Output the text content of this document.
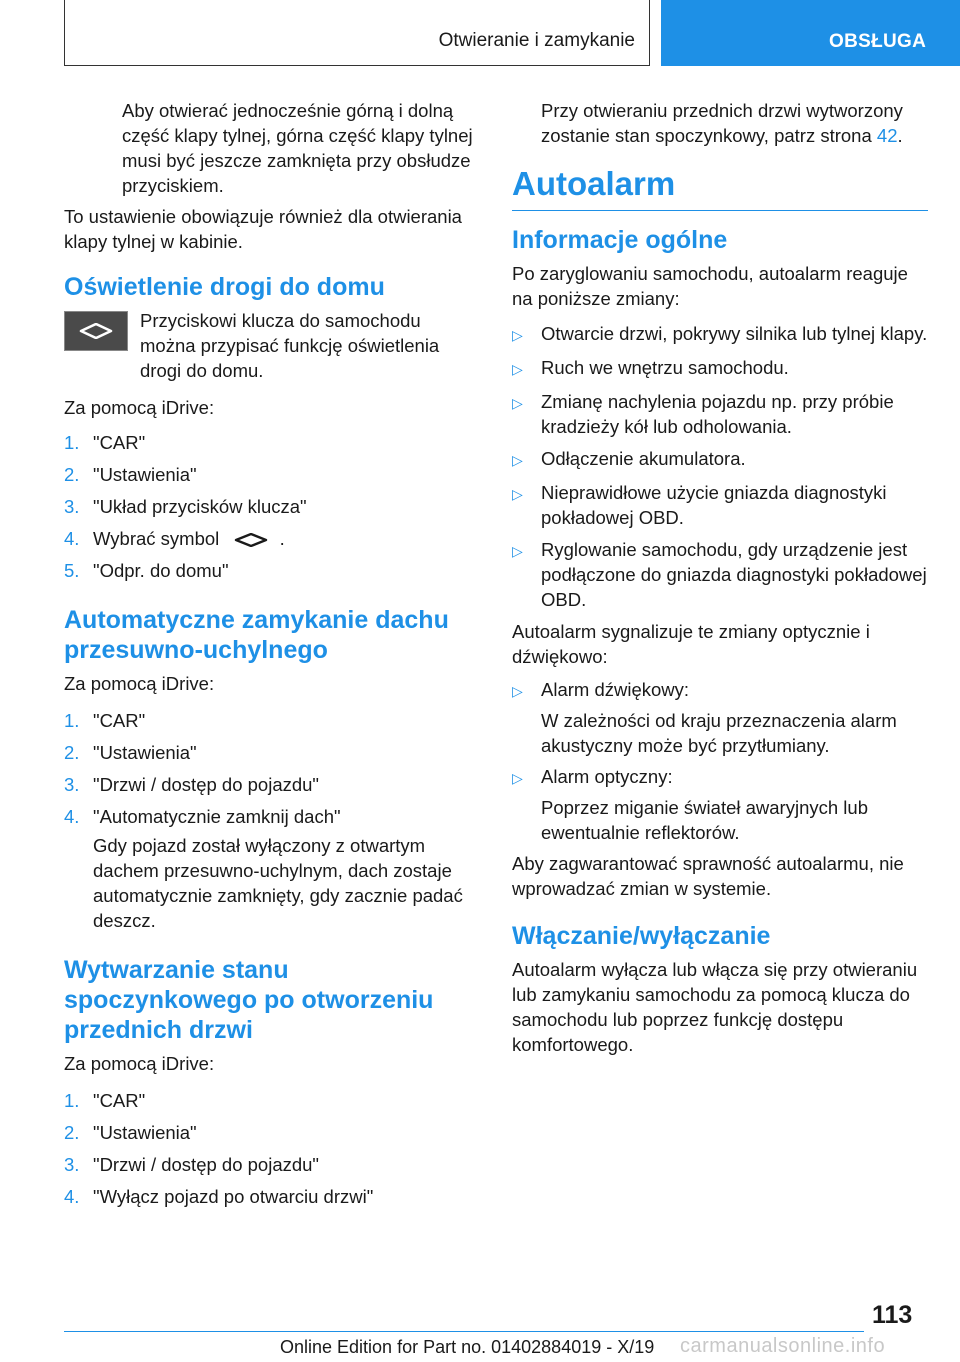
Otwieranie i zamykanie	OBSŁUGA

Aby otwierać jednocześnie górną i dolną część klapy tylnej, górna część klapy tylnej musi być jeszcze zamknięta przy obsłudze przyciskiem.

To ustawienie obowiązuje również dla otwierania klapy tylnej w kabinie.

Oświetlenie drogi do domu

Przyciskowi klucza do samochodu można przypisać funkcję oświetlenia drogi do domu.

Za pomocą iDrive:

1. "CAR"
2. "Ustawienia"
3. "Układ przycisków klucza"
4. Wybrać symbol	.
5. "Odpr. do domu"
Automatyczne zamykanie dachu przesuwno-uchylnego

Za pomocą iDrive:

1. "CAR"
2. "Ustawienia"
3. "Drzwi / dostęp do pojazdu"
4. "Automatycznie zamknij dach"

Gdy pojazd został wyłączony z otwartym dachem przesuwno-uchylnym, dach zostaje automatycznie zamknięty, gdy zacznie padać deszcz.

Wytwarzanie stanu spoczynkowego po otworzeniu przednich drzwi

Za pomocą iDrive:

1. "CAR"
2. "Ustawienia"
3. "Drzwi / dostęp do pojazdu"
4. "Wyłącz pojazd po otwarciu drzwi"

Przy otwieraniu przednich drzwi wytworzony zostanie stan spoczynkowy, patrz strona 42.

Autoalarm
Informacje ogólne

Po zaryglowaniu samochodu, autoalarm reaguje na poniższe zmiany:

▷ Otwarcie drzwi, pokrywy silnika lub tylnej klapy.
▷ Ruch we wnętrzu samochodu.
▷ Zmianę nachylenia pojazdu np. przy próbie kradzieży kół lub odholowania.
▷ Odłączenie akumulatora.
▷ Nieprawidłowe użycie gniazda diagnostyki pokładowej OBD.
▷ Ryglowanie samochodu, gdy urządzenie jest podłączone do gniazda diagnostyki pokładowej OBD.

Autoalarm sygnalizuje te zmiany optycznie i dźwiękowo:

▷ Alarm dźwiękowy:

W zależności od kraju przeznaczenia alarm akustyczny może być przytłumiany.

▷ Alarm optyczny:

Poprzez miganie świateł awaryjnych lub ewentualnie reflektorów.

Aby zagwarantować sprawność autoalarmu, nie wprowadzać zmian w systemie.

Włączanie/wyłączanie

Autoalarm wyłącza lub włącza się przy otwieraniu lub zamykaniu samochodu za pomocą klucza do samochodu lub poprzez funkcję dostępu komfortowego.

113
Online Edition for Part no. 01402884019 - X/19 carmanualsonline.info
